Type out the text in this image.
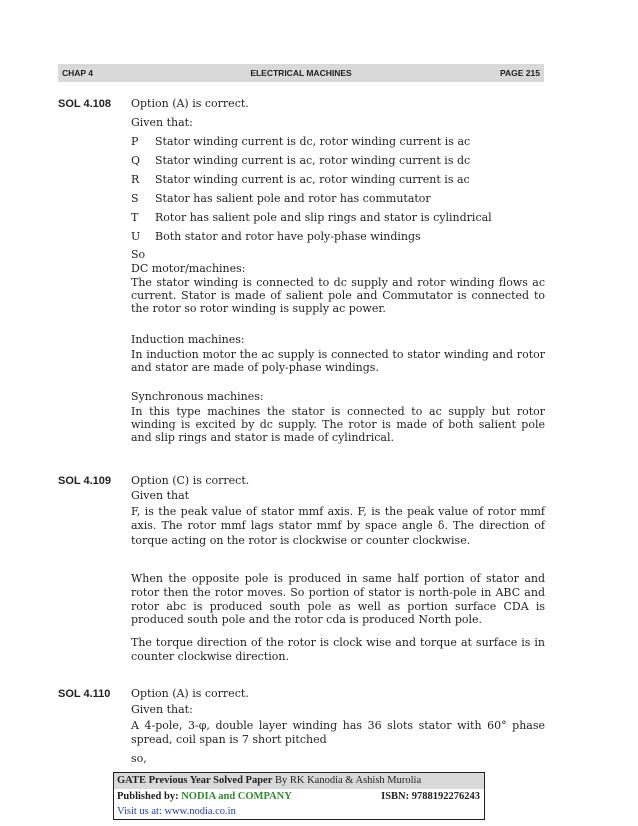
CHAP 4	ELECTRICAL MACHINES	PAGE 215
SOL 4.108 Option (A) is correct.
Given that:
P Stator winding current is dc, rotor winding current is ac
Q Stator winding current is ac, rotor winding current is dc
R Stator winding current is ac, rotor winding current is ac
S Stator has salient pole and rotor has commutator
T Rotor has salient pole and slip rings and stator is cylindrical
U Both stator and rotor have poly-phase windings
So
DC motor/machines:
The stator winding is connected to dc supply and rotor winding flows ac current. Stator is made of salient pole and Commutator is connected to the rotor so rotor winding is supply ac power.
Induction machines:
In induction motor the ac supply is connected to stator winding and rotor and stator are made of poly-phase windings.
Synchronous machines:
In this type machines the stator is connected to ac supply but rotor winding is excited by dc supply. The rotor is made of both salient pole and slip rings and stator is made of cylindrical.
SOL 4.109 Option (C) is correct.
Given that
F, is the peak value of stator mmf axis. F, is the peak value of rotor mmf axis. The rotor mmf lags stator mmf by space angle δ. The direction of torque acting on the rotor is clockwise or counter clockwise.
When the opposite pole is produced in same half portion of stator and rotor then the rotor moves. So portion of stator is north-pole in ABC and rotor abc is produced south pole as well as portion surface CDA is produced south pole and the rotor cda is produced North pole.
The torque direction of the rotor is clock wise and torque at surface is in counter clockwise direction.
SOL 4.110 Option (A) is correct.
Given that:
A 4-pole, 3-φ, double layer winding has 36 slots stator with 60° phase spread, coil span is 7 short pitched
so,
GATE Previous Year Solved Paper By RK Kanodia & Ashish Murolia
Published by: NODIA and COMPANY	ISBN: 9788192276243
Visit us at: www.nodia.co.in
